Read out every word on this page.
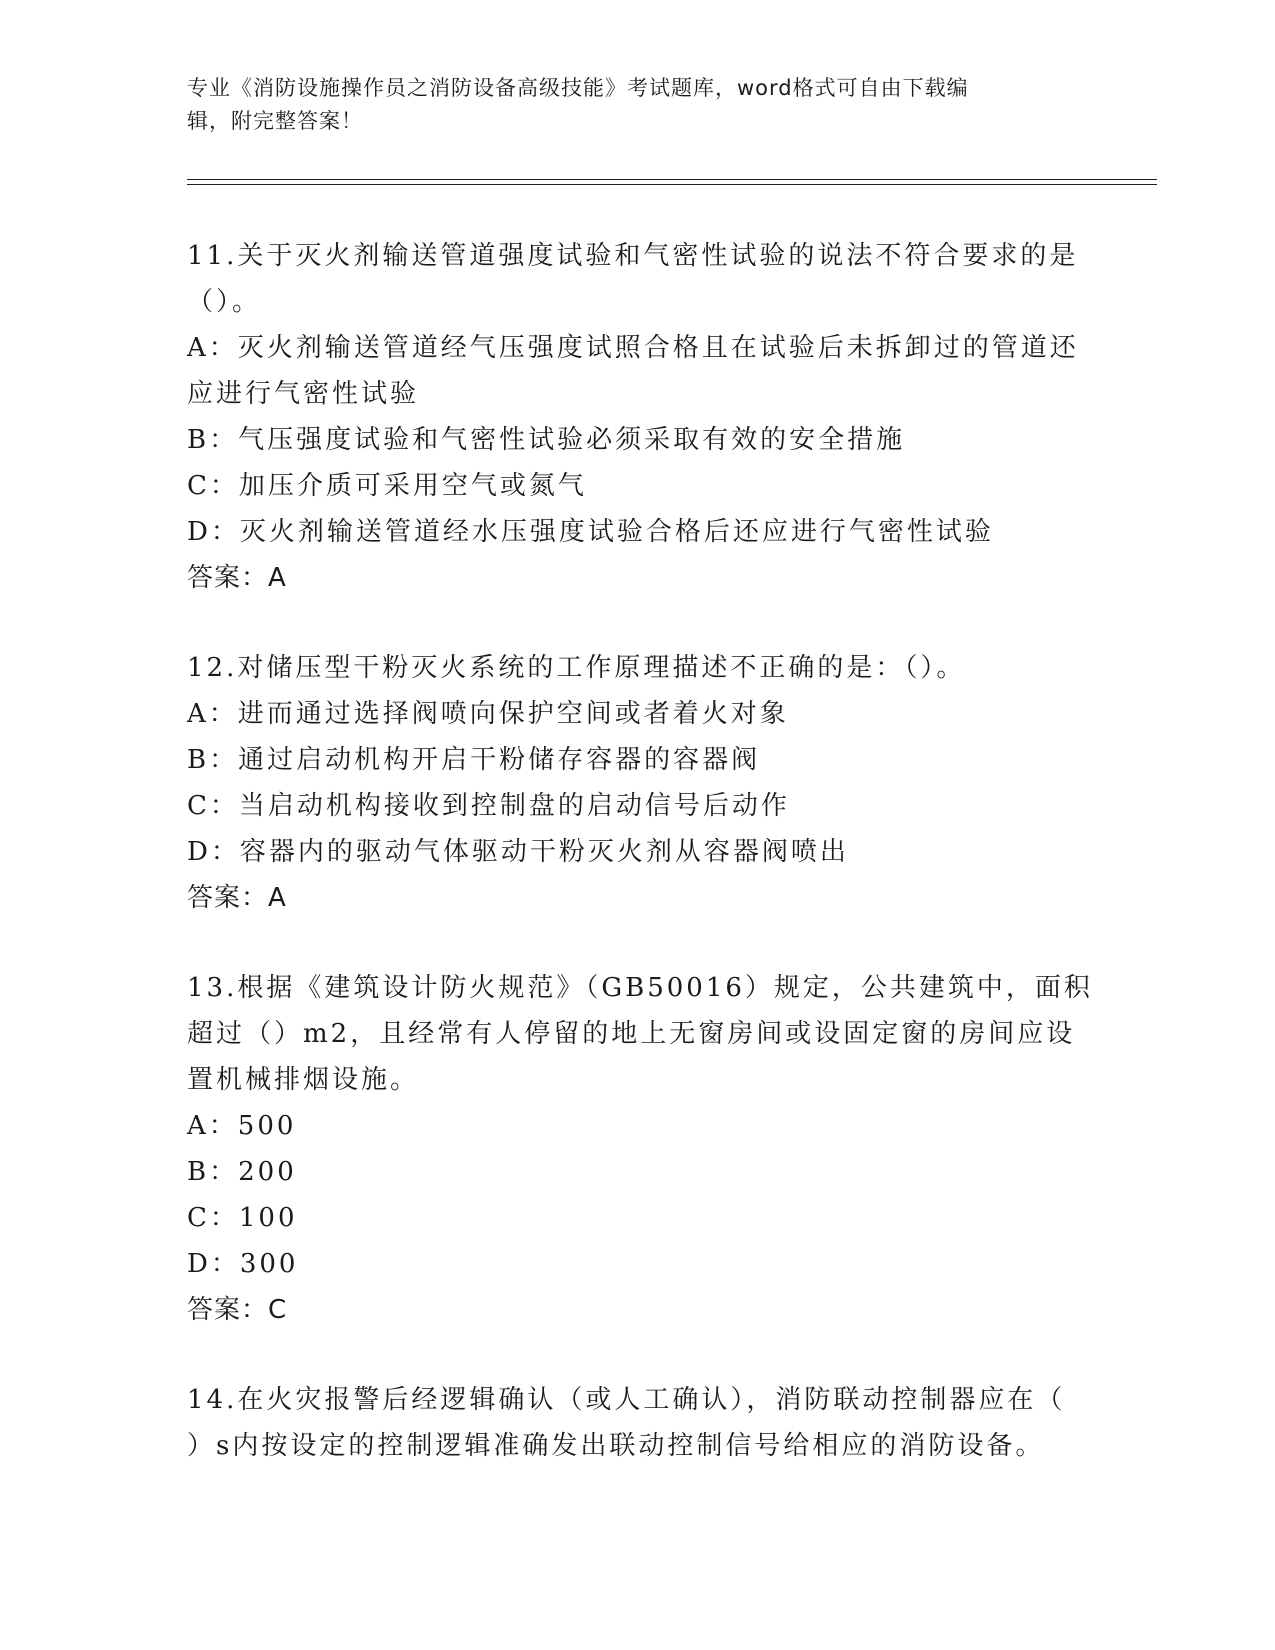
专业《消防设施操作员之消防设备高级技能》考试题库，word格式可自由下载编
辑，附完整答案！
11.关于灭火剂输送管道强度试验和气密性试验的说法不符合要求的是
（）。
A：灭火剂输送管道经气压强度试照合格且在试验后未拆卸过的管道还
应进行气密性试验
B：气压强度试验和气密性试验必须采取有效的安全措施
C：加压介质可采用空气或氮气
D：灭火剂输送管道经水压强度试验合格后还应进行气密性试验
答案：A
12.对储压型干粉灭火系统的工作原理描述不正确的是：（）。
A：进而通过选择阀喷向保护空间或者着火对象
B：通过启动机构开启干粉储存容器的容器阀
C：当启动机构接收到控制盘的启动信号后动作
D：容器内的驱动气体驱动干粉灭火剂从容器阀喷出
答案：A
13.根据《建筑设计防火规范》（GB50016）规定，公共建筑中，面积
超过（）m2，且经常有人停留的地上无窗房间或设固定窗的房间应设
置机械排烟设施。
A：500
B：200
C：100
D：300
答案：C
14.在火灾报警后经逻辑确认（或人工确认），消防联动控制器应在（
）s内按设定的控制逻辑准确发出联动控制信号给相应的消防设备。
